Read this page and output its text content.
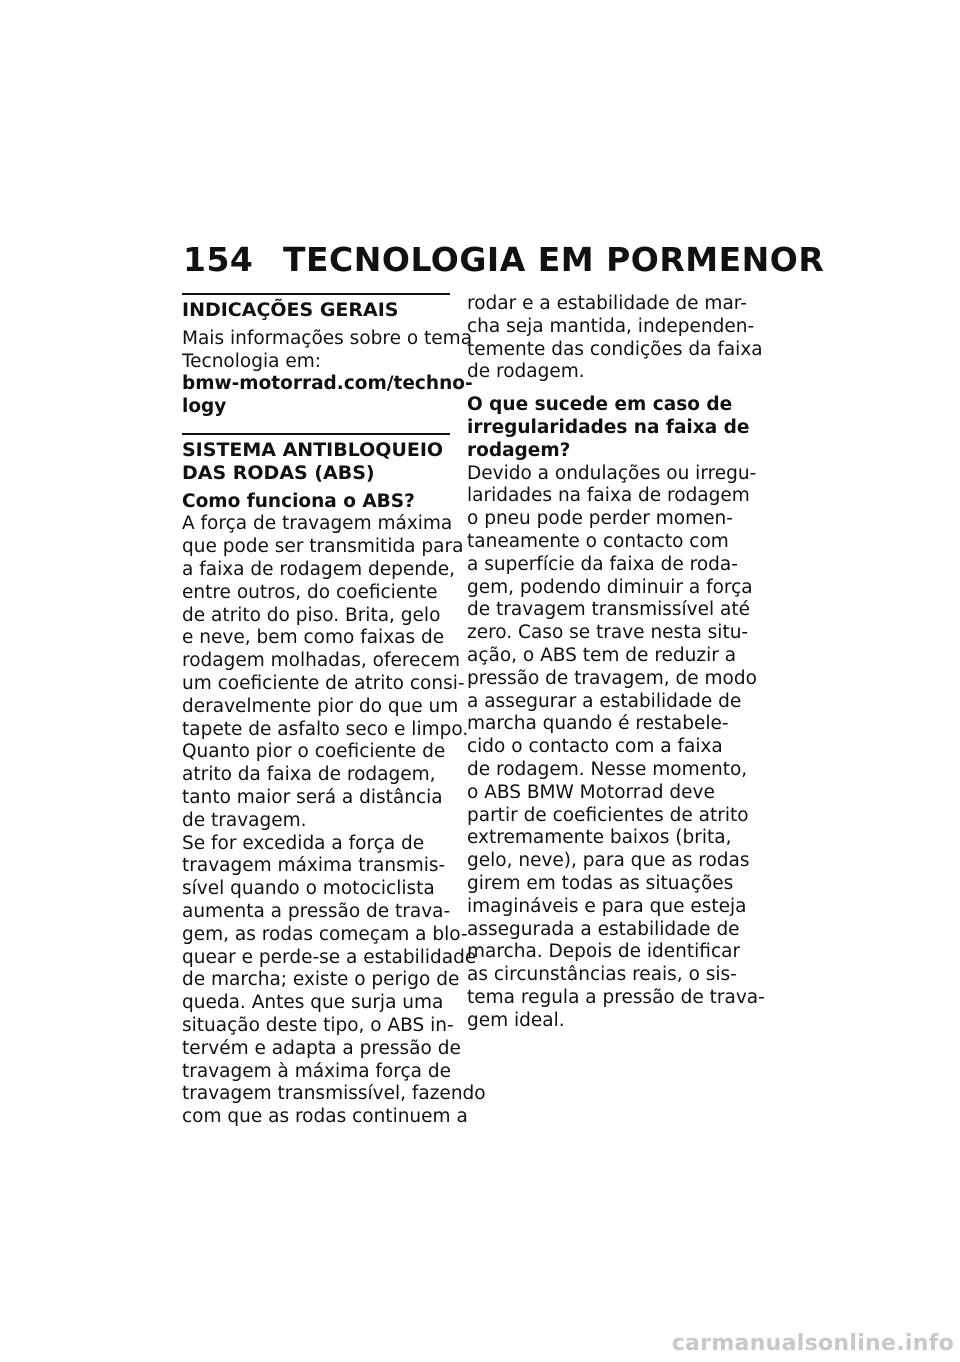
154 TECNOLOGIA EM PORMENOR
INDICAÇÕES GERAIS

Mais informações sobre o tema
Tecnologia em:

bmw-motorrad.com/techno-
logy

SISTEMA ANTIBLOQUEIO
DAS RODAS (ABS)

Como funciona o ABS?

A força de travagem máxima
que pode ser transmitida para
a faixa de rodagem depende,
entre outros, do coeficiente
de atrito do piso. Brita, gelo
e neve, bem como faixas de
rodagem molhadas, oferecem
um coeficiente de atrito consi-
deravelmente pior do que um
tapete de asfalto seco e limpo.
Quanto pior o coeficiente de
atrito da faixa de rodagem,
tanto maior será a distância
de travagem.

Se for excedida a força de
travagem máxima transmis-
sível quando o motociclista
aumenta a pressão de trava-
gem, as rodas começam a blo-
quear e perde-se a estabilidade
de marcha; existe o perigo de
queda. Antes que surja uma
situação deste tipo, o ABS in-
tervém e adapta a pressão de
travagem à máxima força de
travagem transmissível, fazendo
com que as rodas continuem a

rodar e a estabilidade de mar-
cha seja mantida, independen-
temente das condições da faixa
de rodagem.

O que sucede em caso de
irregularidades na faixa de
rodagem?

Devido a ondulações ou irregu-
laridades na faixa de rodagem
o pneu pode perder momen-
taneamente o contacto com
a superfície da faixa de roda-
gem, podendo diminuir a força
de travagem transmissível até
zero. Caso se trave nesta situ-
ação, o ABS tem de reduzir a
pressão de travagem, de modo
a assegurar a estabilidade de
marcha quando é restabele-
cido o contacto com a faixa
de rodagem. Nesse momento,
o ABS BMW Motorrad deve
partir de coeficientes de atrito
extremamente baixos (brita,
gelo, neve), para que as rodas
girem em todas as situações
imagináveis e para que esteja
assegurada a estabilidade de
marcha. Depois de identificar
as circunstâncias reais, o sis-
tema regula a pressão de trava-
gem ideal.

carmanualsonline.info
